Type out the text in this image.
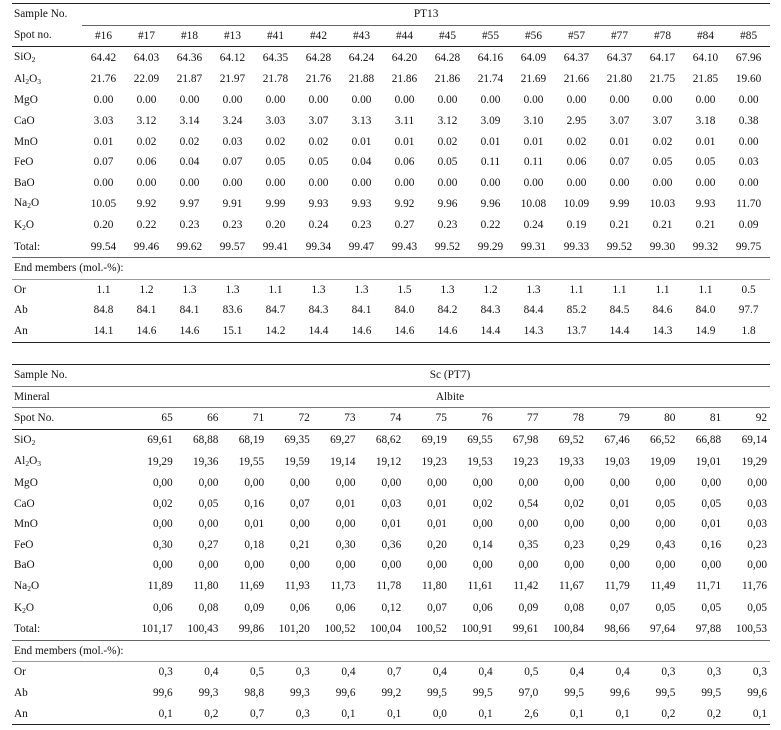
Sample No.	PT13															
Spot no.	#16	#17	#18	#13	#41	#42	#43	#44	#45	#55	#56	#57	#77	#78	#84	#85
SiO$_2$	64.42	64.03	64.36	64.12	64.35	64.28	64.24	64.20	64.28	64.16	64.09	64.37	64.37	64.17	64.10	67.96
$Al_2O_3$	21.76	22.09	21.87	21.97	21.78	21.76	21.88	21.86	21.86	21.74	21.69	21.66	21.80	21.75	21.85	19.60
MgO	0.00	0.00	0.00	0.00	0.00	0.00	0.00	0.00	0.00	0.00	0.00	0.00	0.00	0.00	0.00	0.00
CaO	3.03	3.12	3.14	3.24	3.03	3.07	3.13	3.11	3.12	3.09	3.10	2.95	3.07	3.07	3.18	0.38
MnO	0.01	0.02	0.02	0.03	0.02	0.02	0.01	0.01	0.02	0.01	0.01	0.02	0.01	0.02	0.01	0.00
FeO	0.07	0.06	0.04	0.07	0.05	0.05	0.04	0.06	0.05	0.11	0.11	0.06	0.07	0.05	0.05	0.03
BaO	0.00	0.00	0.00	0.00	0.00	0.00	0.00	0.00	0.00	0.00	0.00	0.00	0.00	0.00	0.00	0.00
$Na_2O$	10.05	9.92	9.97	9.91	9.99	9.93	9.93	9.92	9.96	9.96	10.08	10.09	9.99	10.03	9.93	11.70
$K_2O$	0.20	0.22	0.23	0.23	0.20	0.24	0.23	0.27	0.23	0.22	0.24	0.19	0.21	0.21	0.21	0.09
Total:	99.54	99.46	99.62	99.57	99.41	99.34	99.47	99.43	99.52	99.29	99.31	99.33	99.52	99.30	99.32	99.75
End members (mol.-%):																
Or	1.1	1.2	1.3	1.3	1.1	1.3	1.3	1.5	1.3	1.2	1.3	1.1	1.1	1.1	1.1	0.5
Ab	84.8	84.1	84.1	83.6	84.7	84.3	84.1	84.0	84.2	84.3	84.4	85.2	84.5	84.6	84.0	97.7
An	14.1	14.6	14.6	15.1	14.2	14.4	14.6	14.6	14.6	14.4	14.3	13.7	14.4	14.3	14.9	1.8
Sample No.	Sc (PT7)													
Mineral	Albite													
Spot No.	65	66	71	72	73	74	75	76	77	78	79	80	81	92
SiO$_2$	69,61	68,88	68,19	69,35	69,27	68,62	69,19	69,55	67,98	69,52	67,46	66,52	66,88	69,14
$Al_2O_3$	19,29	19,36	19,55	19,59	19,14	19,12	19,23	19,53	19,23	19,33	19,03	19,09	19,01	19,29
MgO	0,00	0,00	0,00	0,00	0,00	0,00	0,00	0,00	0,00	0,00	0,00	0,00	0,00	0,00
CaO	0,02	0,05	0,16	0,07	0,01	0,03	0,01	0,02	0,54	0,02	0,01	0,05	0,05	0,03
MnO	0,00	0,00	0,01	0,00	0,00	0,01	0,01	0,00	0,00	0,00	0,00	0,00	0,01	0,03
FeO	0,30	0,27	0,18	0,21	0,30	0,36	0,20	0,14	0,35	0,23	0,29	0,43	0,16	0,23
BaO	0,00	0,00	0,00	0,00	0,00	0,00	0,00	0,00	0,00	0,00	0,00	0,00	0,00	0,00
$Na_2O$	11,89	11,80	11,69	11,93	11,73	11,78	11,80	11,61	11,42	11,67	11,79	11,49	11,71	11,76
$K_2O$	0,06	0,08	0,09	0,06	0,06	0,12	0,07	0,06	0,09	0,08	0,07	0,05	0,05	0,05
Total:	101,17	100,43	99,86	101,20	100,52	100,04	100,52	100,91	99,61	100,84	98,66	97,64	97,88	100,53
End members (mol.-%):														
Or	0,3	0,4	0,5	0,3	0,4	0,7	0,4	0,4	0,5	0,4	0,4	0,3	0,3	0,3
Ab	99,6	99,3	98,8	99,3	99,6	99,2	99,5	99,5	97,0	99,5	99,6	99,5	99,5	99,6
An	0,1	0,2	0,7	0,3	0,1	0,1	0,0	0,1	2,6	0,1	0,1	0,2	0,2	0,1
